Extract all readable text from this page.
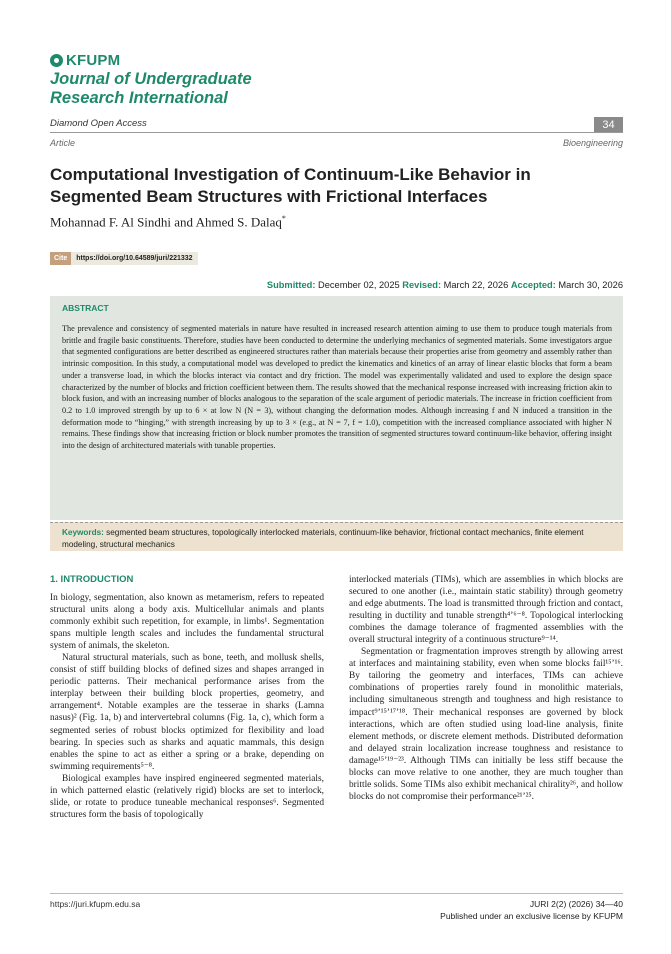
KFUPM
Journal of Undergraduate
Research International
Diamond Open Access	34
Article	Bioengineering
Computational Investigation of Continuum-Like Behavior in Segmented Beam Structures with Frictional Interfaces
Mohannad F. Al Sindhi and Ahmed S. Dalaq*
Cite	https://doi.org/10.64589/juri/221332
Submitted: December 02, 2025 Revised: March 22, 2026 Accepted: March 30, 2026
ABSTRACT
The prevalence and consistency of segmented materials in nature have resulted in increased research attention aiming to use them to produce tough materials from brittle and fragile basic constituents. Therefore, studies have been conducted to determine the underlying mechanics of segmented materials. Some investigators argue that segmented configurations are better described as engineered structures rather than materials because their properties arise from geometry and assembly rather than intrinsic composition. In this study, a computational model was developed to predict the kinematics and kinetics of an array of linear elastic blocks that form a beam under a transverse load, in which the blocks interact via contact and dry friction. The model was experimentally validated and used to explore the design space characterized by the number of blocks and friction coefficient between them. The results showed that the mechanical response increased with increasing friction akin to block fusion, and with an increasing number of blocks analogous to the separation of the scale argument of periodic materials. The increase in friction coefficient from 0.2 to 1.0 improved strength by up to 6 × at low N (N = 3), without changing the deformation modes. Although increasing f and N induced a transition in the deformation mode to “hinging,” with strength increasing by up to 3 × (e.g., at N = 7, f = 1.0), competition with the increased compliance associated with higher N remains. These findings show that increasing friction or block number promotes the transition of segmented structures toward continuum-like behavior, offering insight into the design of architectured materials with tunable properties.
Keywords: segmented beam structures, topologically interlocked materials, continuum-like behavior, frictional contact mechanics, finite element modeling, structural mechanics
1. INTRODUCTION

In biology, segmentation, also known as metamerism, refers to repeated structural units along a body axis. Multicellular animals and plants commonly exhibit such repetition, for example, in limbs¹. Segmentation spans multiple length scales and includes the fundamental structural system of animals, the skeleton.

Natural structural materials, such as bone, teeth, and mollusk shells, consist of stiff building blocks of defined sizes and shapes arranged in periodic patterns. Their mechanical performance arises from the interplay between their building block properties, geometry, and arrangement⁴. Notable examples are the tesserae in sharks (Lamna nasus)² (Fig. 1a, b) and intervertebral columns (Fig. 1a, c), which form a segmented series of robust blocks optimized for flexibility and load bearing. In species such as sharks and aquatic mammals, this design enables the spine to act as either a spring or a brake, depending on swimming requirements⁵⁻⁸.

Biological examples have inspired engineered segmented materials, in which patterned elastic (relatively rigid) blocks are set to interlock, slide, or rotate to produce tuneable mechanical responses⁶. Segmented structures form the basis of topologically

interlocked materials (TIMs), which are assemblies in which blocks are secured to one another (i.e., maintain static stability) through geometry and edge abutments. The load is transmitted through friction and contact, resulting in ductility and tunable strength⁴ʼ⁶⁻⁸. Topological interlocking combines the damage tolerance of fragmented assemblies with the overall structural integrity of a continuous structure⁹⁻¹⁴.

Segmentation or fragmentation improves strength by allowing arrest at interfaces and maintaining stability, even when some blocks fail¹⁵ʼ¹⁶. By tailoring the geometry and interfaces, TIMs can achieve combinations of properties rarely found in monolithic materials, including simultaneous strength and toughness and high resistance to impact⁹ʼ¹⁵ʼ¹⁷ʼ¹⁸. Their mechanical responses are governed by block interactions, which are often studied using load-line analysis, finite element methods, or discrete element methods. Distributed deformation and delayed strain localization increase toughness and resistance to damage¹⁵ʼ¹⁹⁻²³. Although TIMs can initially be less stiff because the blocks can move relative to one another, they are much tougher than brittle solids. Some TIMs also exhibit mechanical chirality²⁶, and hollow blocks do not compromise their performance²¹ʼ²⁵.

https://juri.kfupm.edu.sa	JURI 2(2) (2026) 34—40
Published under an exclusive license by KFUPM
